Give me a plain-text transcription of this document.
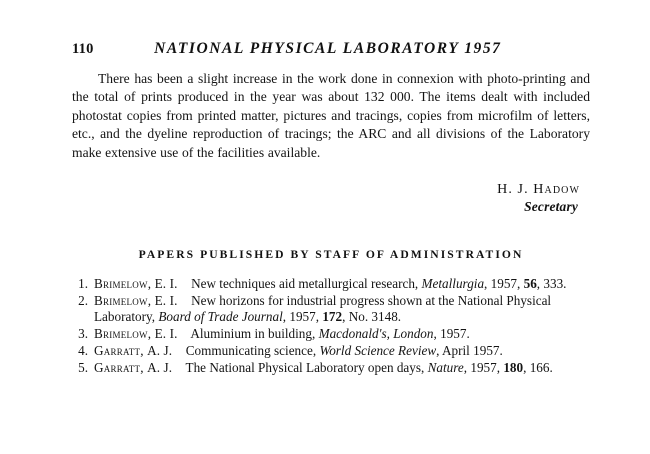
110	NATIONAL PHYSICAL LABORATORY 1957

There has been a slight increase in the work done in connexion with photo-printing and the total of prints produced in the year was about 132 000. The items dealt with included photostat copies from printed matter, pictures and tracings, copies from microfilm of letters, etc., and the dyeline reproduction of tracings; the ARC and all divisions of the Laboratory make extensive use of the facilities available.

H. J. Hadow
Secretary
PAPERS PUBLISHED BY STAFF OF ADMINISTRATION
1. Brimelow, E. I. New techniques aid metallurgical research, Metallurgia, 1957, 56, 333.
2. Brimelow, E. I. New horizons for industrial progress shown at the National Physical Laboratory, Board of Trade Journal, 1957, 172, No. 3148.
3. Brimelow, E. I. Aluminium in building, Macdonald's, London, 1957.
4. Garratt, A. J. Communicating science, World Science Review, April 1957.
5. Garratt, A. J. The National Physical Laboratory open days, Nature, 1957, 180, 166.
